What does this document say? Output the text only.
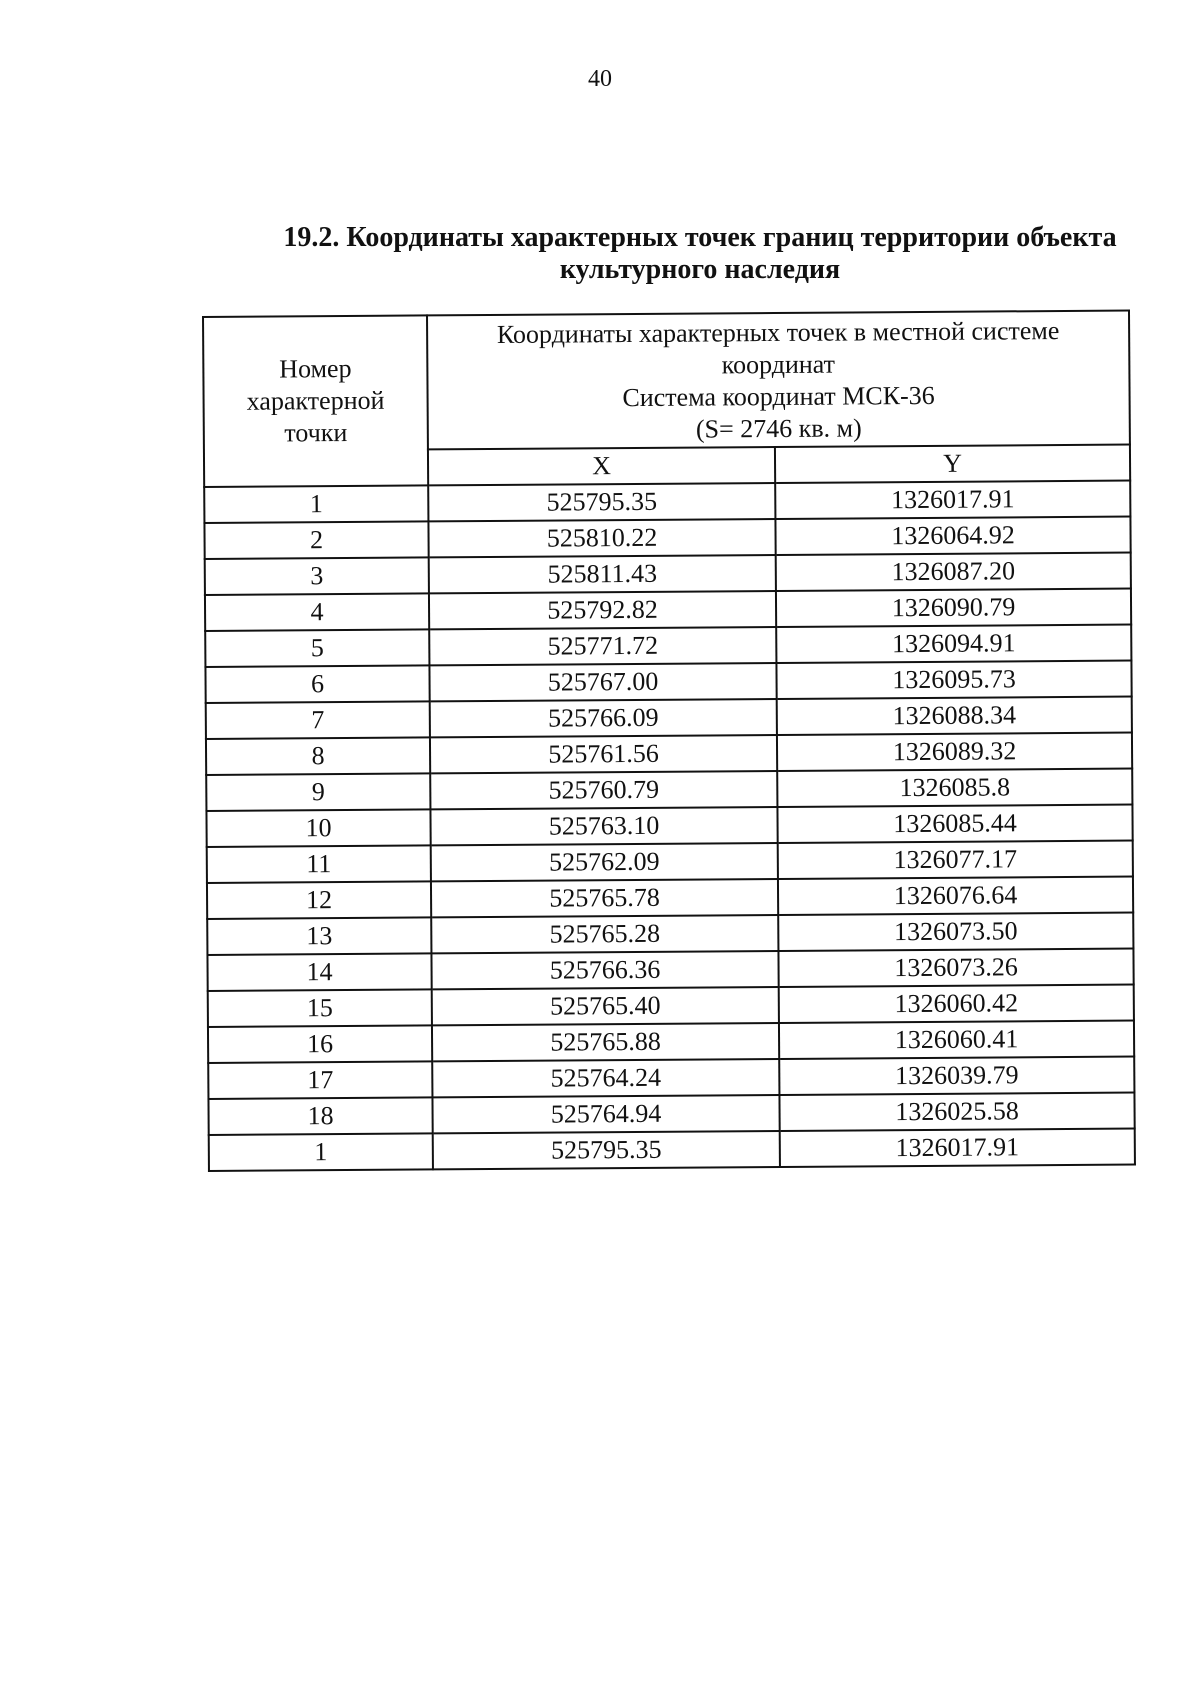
40
19.2. Координаты характерных точек границ территории объекта
культурного наследия
Номер
характерной
точки	Координаты характерных точек в местной системе
координат
Система координат МСК-36
(S= 2746 кв. м)	

	X	Y
1	525795.35	1326017.91
2	525810.22	1326064.92
3	525811.43	1326087.20
4	525792.82	1326090.79
5	525771.72	1326094.91
6	525767.00	1326095.73
7	525766.09	1326088.34
8	525761.56	1326089.32
9	525760.79	1326085.8
10	525763.10	1326085.44
11	525762.09	1326077.17
12	525765.78	1326076.64
13	525765.28	1326073.50
14	525766.36	1326073.26
15	525765.40	1326060.42
16	525765.88	1326060.41
17	525764.24	1326039.79
18	525764.94	1326025.58
1	525795.35	1326017.91
